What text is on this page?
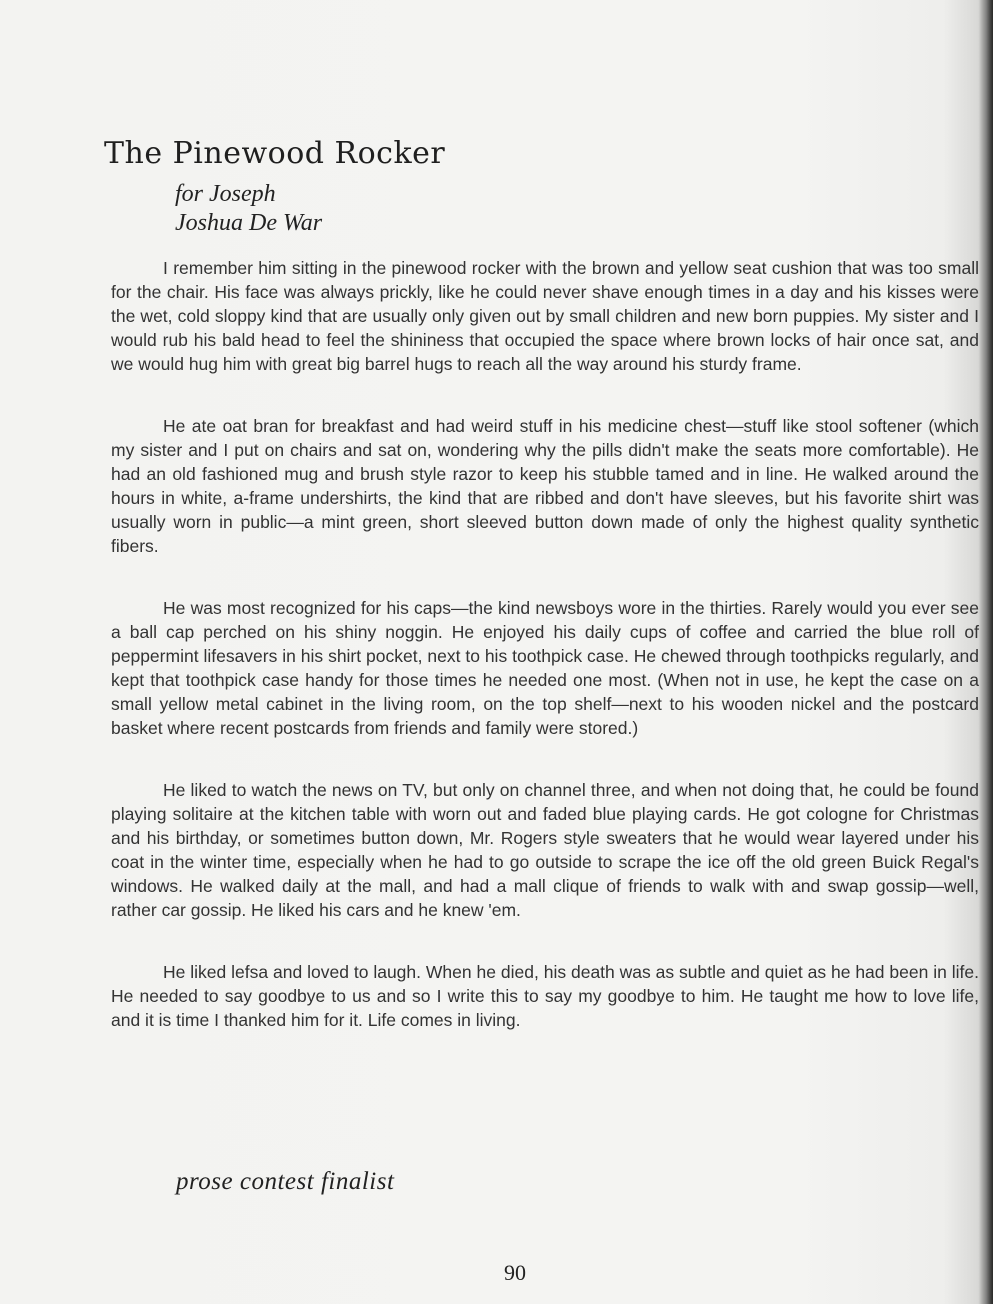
The Pinewood Rocker
for Joseph
Joshua De War

I remember him sitting in the pinewood rocker with the brown and yellow seat cushion that was too small for the chair. His face was always prickly, like he could never shave enough times in a day and his kisses were the wet, cold sloppy kind that are usually only given out by small children and new born puppies. My sister and I would rub his bald head to feel the shininess that occupied the space where brown locks of hair once sat, and we would hug him with great big barrel hugs to reach all the way around his sturdy frame.

He ate oat bran for breakfast and had weird stuff in his medicine chest—stuff like stool softener (which my sister and I put on chairs and sat on, wondering why the pills didn't make the seats more comfortable). He had an old fashioned mug and brush style razor to keep his stubble tamed and in line. He walked around the hours in white, a-frame undershirts, the kind that are ribbed and don't have sleeves, but his favorite shirt was usually worn in public—a mint green, short sleeved button down made of only the highest quality synthetic fibers.

He was most recognized for his caps—the kind newsboys wore in the thirties. Rarely would you ever see a ball cap perched on his shiny noggin. He enjoyed his daily cups of coffee and carried the blue roll of peppermint lifesavers in his shirt pocket, next to his toothpick case. He chewed through toothpicks regularly, and kept that toothpick case handy for those times he needed one most. (When not in use, he kept the case on a small yellow metal cabinet in the living room, on the top shelf—next to his wooden nickel and the postcard basket where recent postcards from friends and family were stored.)

He liked to watch the news on TV, but only on channel three, and when not doing that, he could be found playing solitaire at the kitchen table with worn out and faded blue playing cards. He got cologne for Christmas and his birthday, or sometimes button down, Mr. Rogers style sweaters that he would wear layered under his coat in the winter time, especially when he had to go outside to scrape the ice off the old green Buick Regal's windows. He walked daily at the mall, and had a mall clique of friends to walk with and swap gossip—well, rather car gossip. He liked his cars and he knew 'em.

He liked lefsa and loved to laugh. When he died, his death was as subtle and quiet as he had been in life. He needed to say goodbye to us and so I write this to say my goodbye to him. He taught me how to love life, and it is time I thanked him for it. Life comes in living.

prose contest finalist
90
